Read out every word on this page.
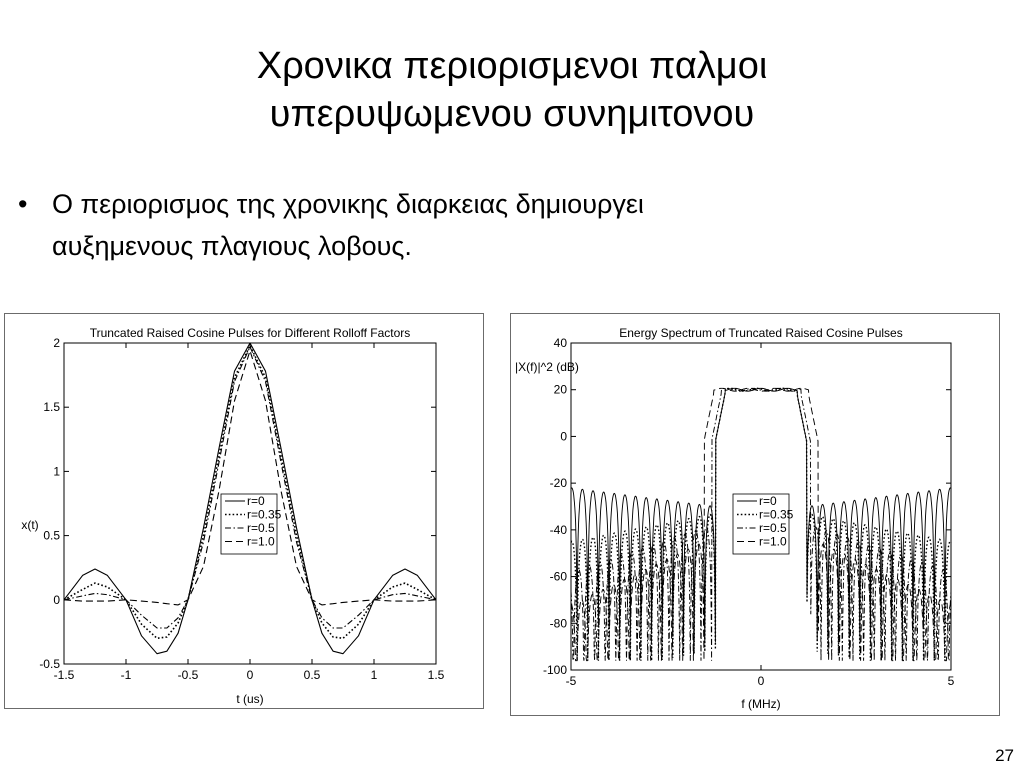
Χρονικα περιορισμενοι παλμοι
υπερυψωμενου συνημιτονου
• Ο περιορισμος της χρονικης διαρκειας δημιουργει
αυξημενους πλαγιους λοβους.
Truncated Raised Cosine Pulses for Different Rolloff Factors
-1.5	-1	-0.5	0	0.5	1	1.5
-0.5
0
0.5
1
1.5
2
t (us)
x(t)
r=0
r=0.35
r=0.5
r=1.0
Energy Spectrum of Truncated Raised Cosine Pulses
-5	0	5
-100
-80
-60
-40
-20
0
20
40
f (MHz)
|X(f)|^2 (dB)
r=0
r=0.35
r=0.5
r=1.0
27
